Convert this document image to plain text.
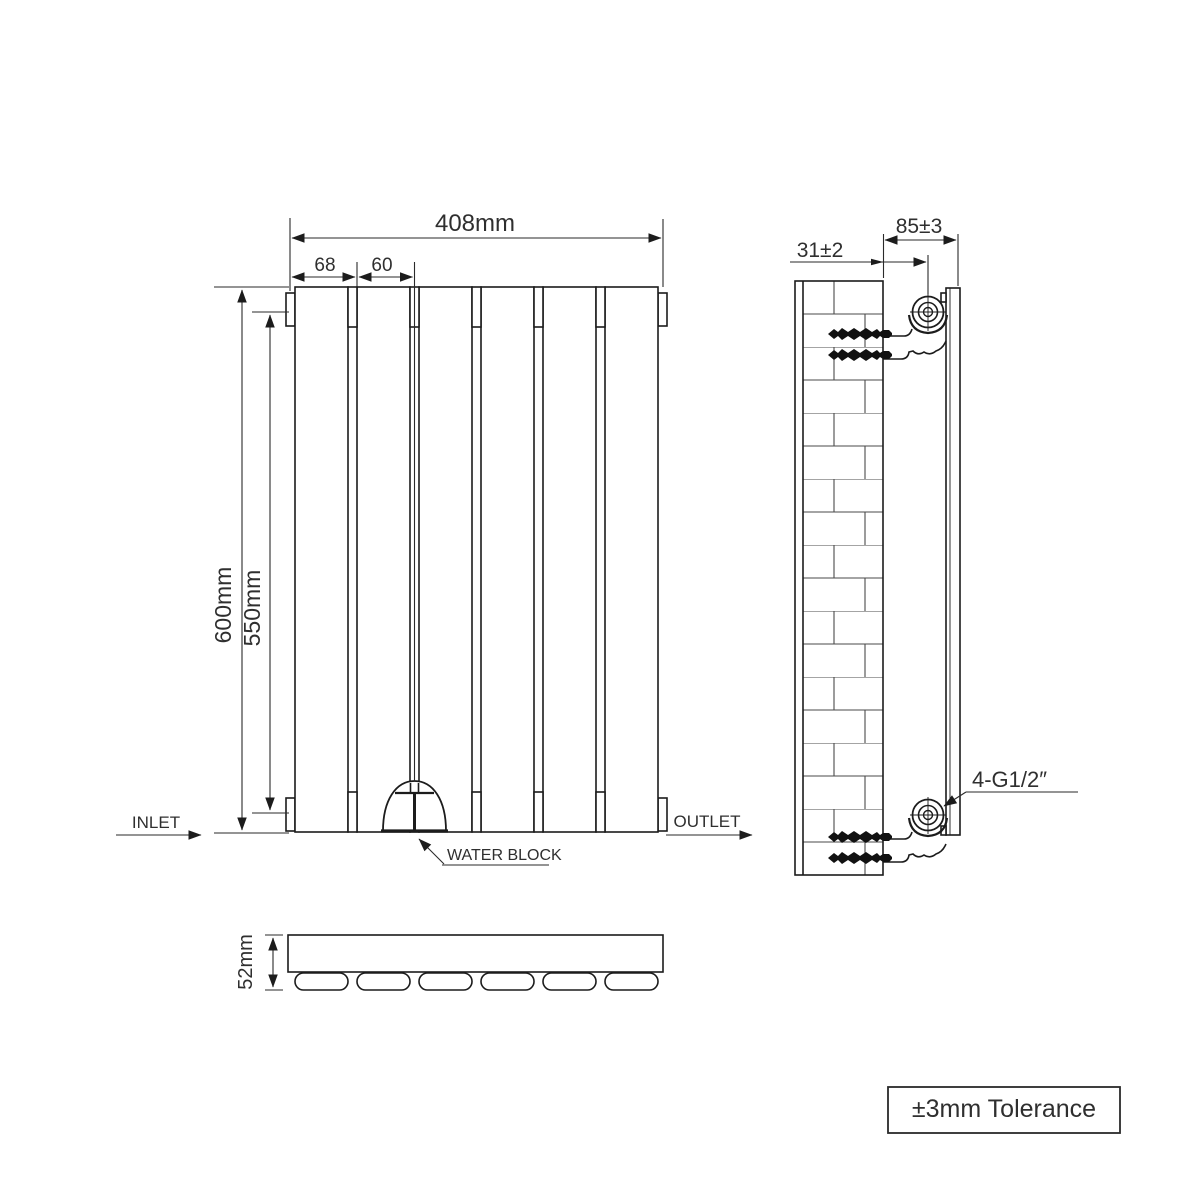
408mm
68 60
600mm 550mm
INLET	OUTLET
WATER BLOCK
52mm
85±3
31±2
4-G1/2″
±3mm Tolerance
